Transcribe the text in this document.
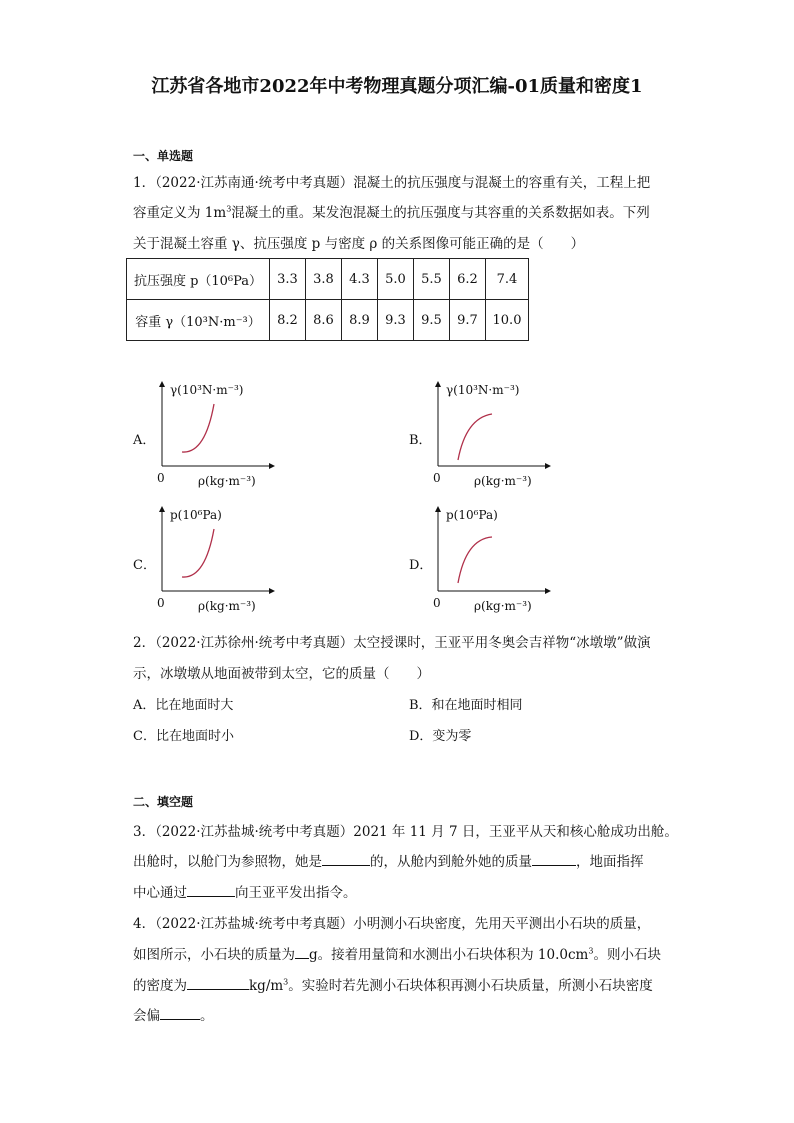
江苏省各地市2022年中考物理真题分项汇编-01质量和密度1
一、单选题
1．（2022·江苏南通·统考中考真题）混凝土的抗压强度与混凝土的容重有关，工程上把
容重定义为 $1m^3$混凝土的重。某发泡混凝土的抗压强度与其容重的关系数据如表。下列
关于混凝土容重 γ、抗压强度 p 与密度 ρ 的关系图像可能正确的是（　　）
抗压强度 p（10⁶Pa）	3.3	3.8	4.3	5.0	5.5	6.2	7.4
容重 γ（10³N·m⁻³）	8.2	8.6	8.9	9.3	9.5	9.7	10.0
A．
γ(10³N·m⁻³)
ρ(kg·m⁻³)
0
B．
γ(10³N·m⁻³)
ρ(kg·m⁻³)
0
C．
p(10⁶Pa)
ρ(kg·m⁻³)
0
D．
p(10⁶Pa)
ρ(kg·m⁻³)
0
2．（2022·江苏徐州·统考中考真题）太空授课时，王亚平用冬奥会吉祥物“冰墩墩”做演
示，冰墩墩从地面被带到太空，它的质量（　　）
A．比在地面时大	B．和在地面时相同
C．比在地面时小	D．变为零
二、填空题
3．（2022·江苏盐城·统考中考真题）2021 年 11 月 7 日，王亚平从天和核心舱成功出舱。
出舱时，以舱门为参照物，她是	的，从舱内到舱外她的质量	，地面指挥
中心通过	向王亚平发出指令。
4．（2022·江苏盐城·统考中考真题）小明测小石块密度，先用天平测出小石块的质量，
如图所示，小石块的质量为 g。接着用量筒和水测出小石块体积为 $10.0cm^3$。则小石块
的密度为	$kg/m^3$。实验时若先测小石块体积再测小石块质量，所测小石块密度
会偏	。
